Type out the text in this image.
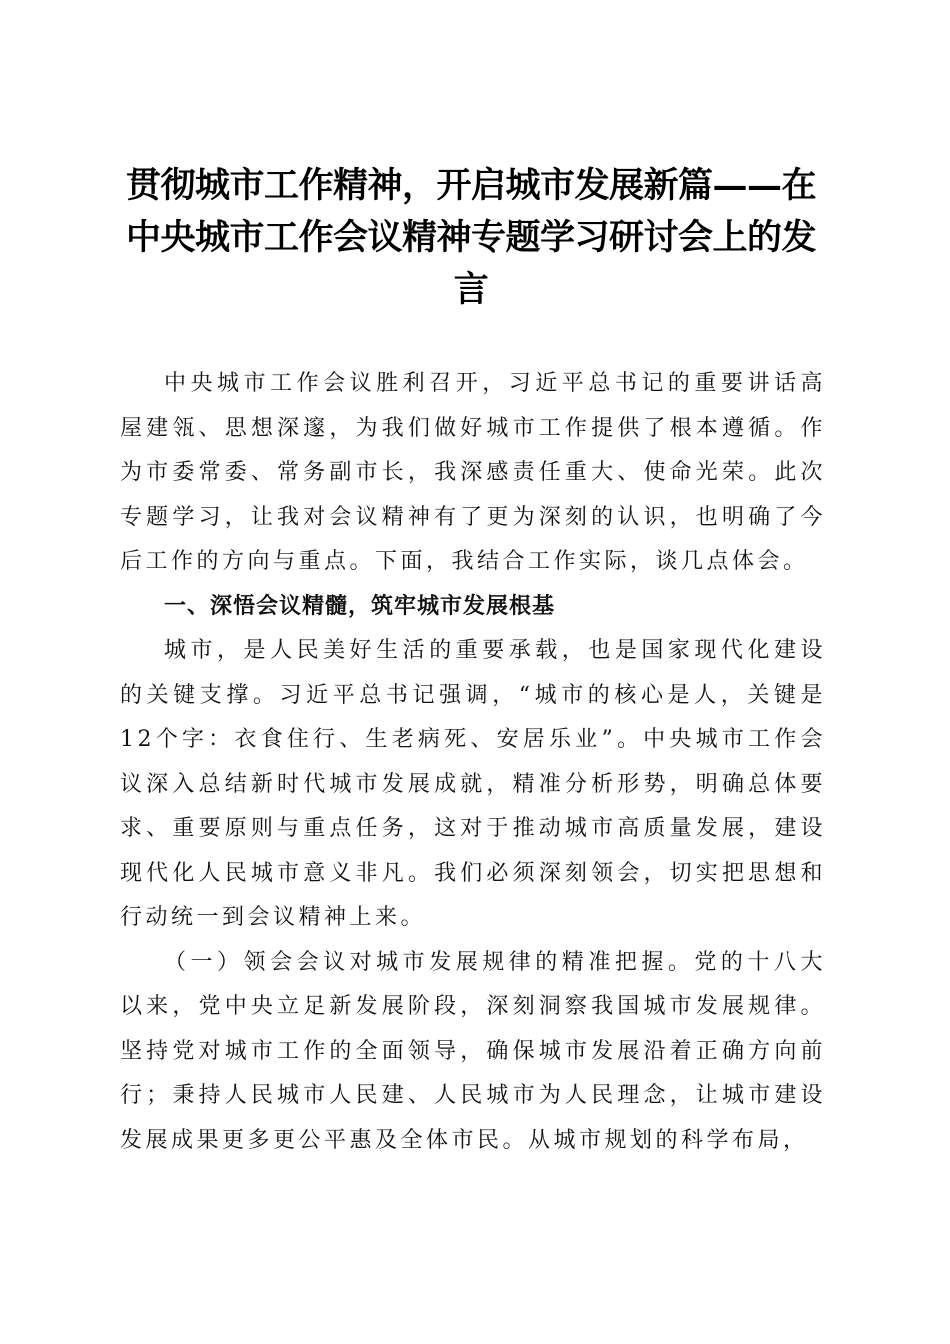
贯彻城市工作精神，开启城市发展新篇——在中央城市工作会议精神专题学习研讨会上的发言

中央城市工作会议胜利召开，习近平总书记的重要讲话高屋建瓴、思想深邃，为我们做好城市工作提供了根本遵循。作为市委常委、常务副市长，我深感责任重大、使命光荣。此次专题学习，让我对会议精神有了更为深刻的认识，也明确了今后工作的方向与重点。下面，我结合工作实际，谈几点体会。

一、深悟会议精髓，筑牢城市发展根基

城市，是人民美好生活的重要承载，也是国家现代化建设的关键支撑。习近平总书记强调，“城市的核心是人，关键是12个字：衣食住行、生老病死、安居乐业”。中央城市工作会议深入总结新时代城市发展成就，精准分析形势，明确总体要求、重要原则与重点任务，这对于推动城市高质量发展，建设现代化人民城市意义非凡。我们必须深刻领会，切实把思想和行动统一到会议精神上来。

（一）领会会议对城市发展规律的精准把握。党的十八大以来，党中央立足新发展阶段，深刻洞察我国城市发展规律。坚持党对城市工作的全面领导，确保城市发展沿着正确方向前行；秉持人民城市人民建、人民城市为人民理念，让城市建设发展成果更多更公平惠及全体市民。从城市规划的科学布局，
